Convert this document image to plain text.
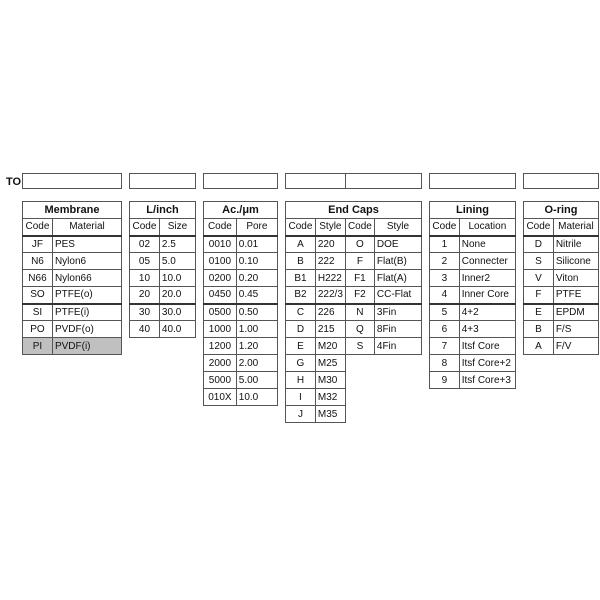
TO
Membrane	
Code	Material
JF	PES
N6	Nylon6
N66	Nylon66
SO	PTFE(o)
SI	PTFE(i)
PO	PVDF(o)
PI	PVDF(i)
L/inch	
Code	Size
02	2.5
05	5.0
10	10.0
20	20.0
30	30.0
40	40.0
Ac./μm	
Code	Pore
0010	0.01
0100	0.10
0200	0.20
0450	0.45
0500	0.50
1000	1.00
1200	1.20
2000	2.00
5000	5.00
010X	10.0
End Caps			
Code	Style	Code	Style
A	220	O	DOE
B	222	F	Flat(B)
B1	H222	F1	Flat(A)
B2	222/3	F2	CC-Flat
C	226	N	3Fin
D	215	Q	8Fin
E	M20	S	4Fin
G	M25		
H	M30		
I	M32		
J	M35		
Lining	
Code	Location
1	None
2	Connecter
3	Inner2
4	Inner Core
5	4+2
6	4+3
7	Itsf Core
8	Itsf Core+2
9	Itsf Core+3
O-ring	
Code	Material
D	Nitrile
S	Silicone
V	Viton
F	PTFE
E	EPDM
B	F/S
A	F/V
